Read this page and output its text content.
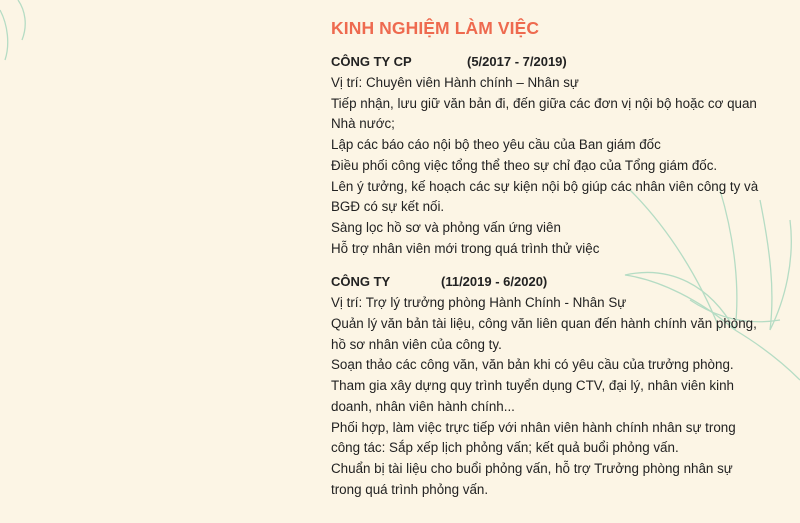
KINH NGHIỆM LÀM VIỆC
CÔNG TY CP	(5/2017 - 7/2019)
Vị trí: Chuyên viên Hành chính – Nhân sự
Tiếp nhận, lưu giữ văn bản đi, đến giữa các đơn vị nội bộ hoặc cơ quan
Nhà nước;
Lập các báo cáo nội bộ theo yêu cầu của Ban giám đốc
Điều phối công việc tổng thể theo sự chỉ đạo của Tổng giám đốc.
Lên ý tưởng, kế hoạch các sự kiện nội bộ giúp các nhân viên công ty và
BGĐ có sự kết nối.
Sàng lọc hồ sơ và phỏng vấn ứng viên
Hỗ trợ nhân viên mới trong quá trình thử việc
CÔNG TY	(11/2019 - 6/2020)
Vị trí: Trợ lý trưởng phòng Hành Chính - Nhân Sự
Quản lý văn bản tài liệu, công văn liên quan đến hành chính văn phòng,
hồ sơ nhân viên của công ty.
Soạn thảo các công văn, văn bản khi có yêu cầu của trưởng phòng.
Tham gia xây dựng quy trình tuyển dụng CTV, đại lý, nhân viên kinh
doanh, nhân viên hành chính...
Phối hợp, làm việc trực tiếp với nhân viên hành chính nhân sự trong
công tác: Sắp xếp lịch phỏng vấn; kết quả buổi phỏng vấn.
Chuẩn bị tài liệu cho buổi phỏng vấn, hỗ trợ Trưởng phòng nhân sự
trong quá trình phỏng vấn.
